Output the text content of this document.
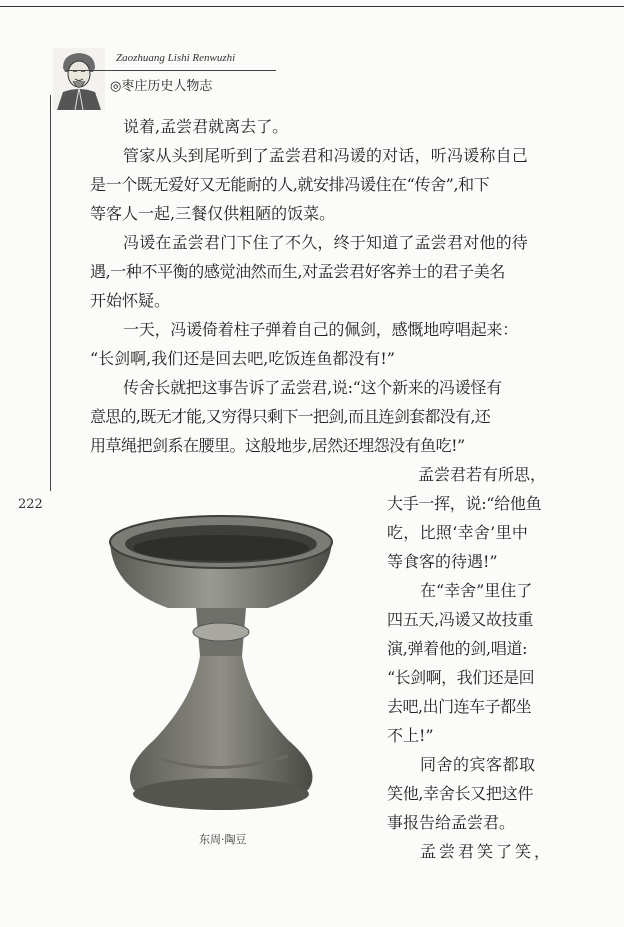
Zaozhuang Lishi Renwuzhi
◎枣庄历史人物志
222
说着,孟尝君就离去了。
管家从头到尾听到了孟尝君和冯谖的对话，听冯谖称自己
是一个既无爱好又无能耐的人,就安排冯谖住在“传舍”,和下
等客人一起,三餐仅供粗陋的饭菜。
冯谖在孟尝君门下住了不久，终于知道了孟尝君对他的待
遇,一种不平衡的感觉油然而生,对孟尝君好客养士的君子美名
开始怀疑。
一天，冯谖倚着柱子弹着自己的佩剑，感慨地哼唱起来：
“长剑啊,我们还是回去吧,吃饭连鱼都没有!”
传舍长就把这事告诉了孟尝君,说:“这个新来的冯谖怪有
意思的,既无才能,又穷得只剩下一把剑,而且连剑套都没有,还
用草绳把剑系在腰里。这般地步,居然还埋怨没有鱼吃!”
孟尝君若有所思，
大手一挥，说:“给他鱼
吃，比照‘幸舍’里中
等食客的待遇!”
在“幸舍”里住了
四五天,冯谖又故技重
演,弹着他的剑,唱道:
“长剑啊，我们还是回
去吧,出门连车子都坐
不上!”
同舍的宾客都取
笑他,幸舍长又把这件
事报告给孟尝君。
孟尝君笑了笑，
东周·陶豆
